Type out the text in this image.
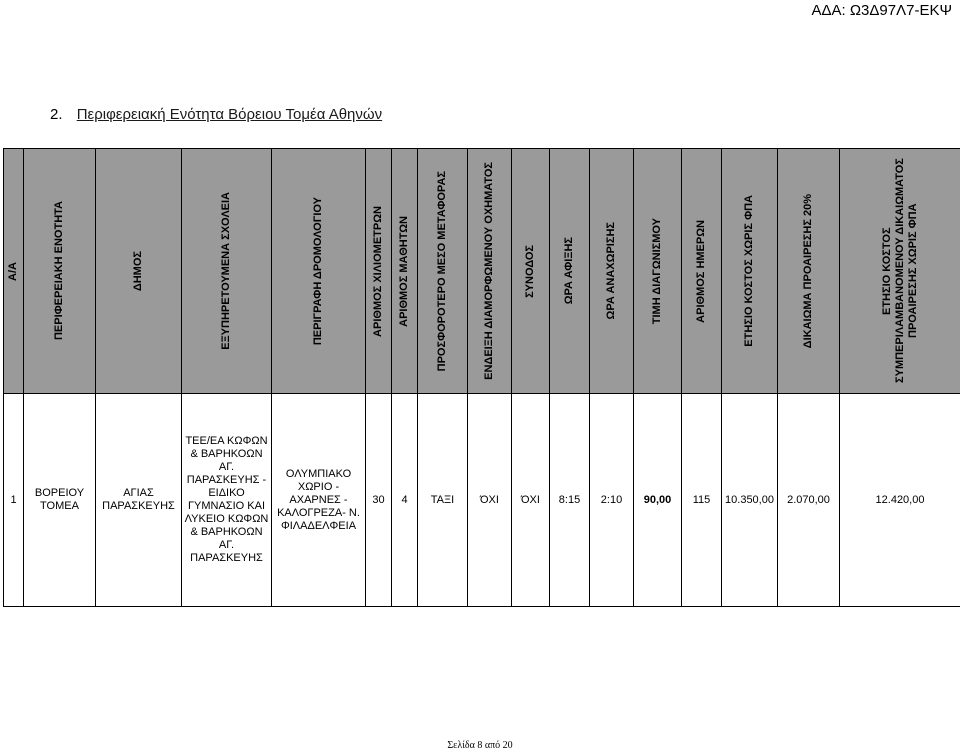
ΑΔΑ: Ω3Δ97Λ7-ΕΚΨ
2. Περιφερειακή Ενότητα Βόρειου Τομέα Αθηνών
Α/Α	ΠΕΡΙΦΕΡΕΙΑΚΗ ΕΝΟΤΗΤΑ	ΔΗΜΟΣ	ΕΞΥΠΗΡΕΤΟΥΜΕΝΑ ΣΧΟΛΕΙΑ	ΠΕΡΙΓΡΑΦΗ ΔΡΟΜΟΛΟΓΙΟΥ	ΑΡΙΘΜΟΣ ΧΙΛΙΟΜΕΤΡΩΝ	ΑΡΙΘΜΟΣ ΜΑΘΗΤΩΝ	ΠΡΟΣΦΟΡΟΤΕΡΟ ΜΕΣΟ ΜΕΤΑΦΟΡΑΣ	ΕΝΔΕΙΞΗ ΔΙΑΜΟΡΦΩΜΕΝΟΥ ΟΧΗΜΑΤΟΣ	ΣΥΝΟΔΟΣ	ΩΡΑ ΑΦΙΞΗΣ	ΩΡΑ ΑΝΑΧΩΡΙΣΗΣ	ΤΙΜΗ ΔΙΑΓΩΝΙΣΜΟΥ	ΑΡΙΘΜΟΣ ΗΜΕΡΩΝ	ΕΤΗΣΙΟ ΚΟΣΤΟΣ ΧΩΡΙΣ ΦΠΑ	ΔΙΚΑΙΩΜΑ ΠΡΟΑΙΡΕΣΗΣ 20%	ΕΤΗΣΙΟ ΚΟΣΤΟΣ ΣΥΜΠΕΡΙΛΑΜΒΑΝΟΜΕΝΟΥ ΔΙΚΑΙΩΜΑΤΟΣ ΠΡΟΑΙΡΕΣΗΣ ΧΩΡΙΣ ΦΠΑ

1	ΒΟΡΕΙΟΥ ΤΟΜΕΑ	ΑΓΙΑΣ ΠΑΡΑΣΚΕΥΗΣ	ΤΕΕ/ΕΑ ΚΩΦΩΝ & ΒΑΡΗΚΟΩΝ ΑΓ. ΠΑΡΑΣΚΕΥΗΣ - ΕΙΔΙΚΟ ΓΥΜΝΑΣΙΟ ΚΑΙ ΛΥΚΕΙΟ ΚΩΦΩΝ & ΒΑΡΗΚΟΩΝ ΑΓ. ΠΑΡΑΣΚΕΥΗΣ	ΟΛΥΜΠΙΑΚΟ ΧΩΡΙΟ - ΑΧΑΡΝΕΣ - ΚΑΛΟΓΡΕΖΑ- Ν. ΦΙΛΑΔΕΛΦΕΙΑ	30	4	ΤΑΞΙ	ΌΧΙ	ΌΧΙ	8:15	2:10	90,00	115	10.350,00	2.070,00	12.420,00
Σελίδα 8 από 20
